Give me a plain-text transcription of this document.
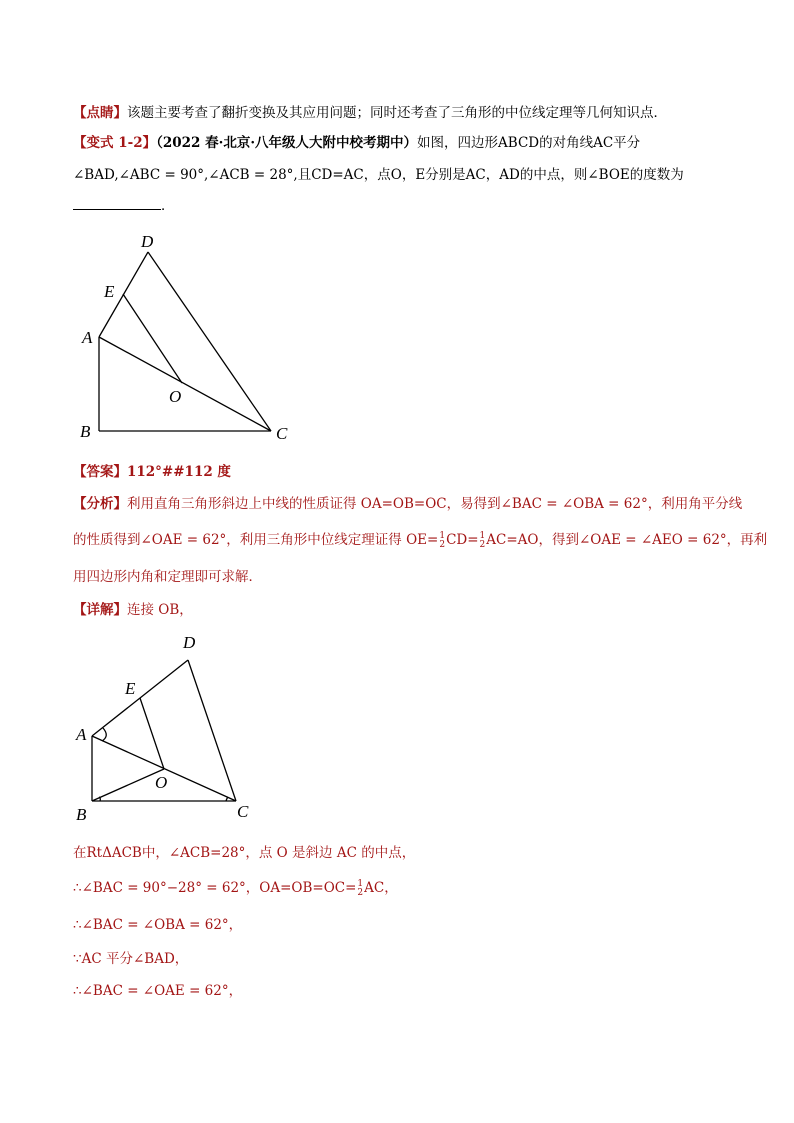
【点睛】该题主要考查了翻折变换及其应用问题；同时还考查了三角形的中位线定理等几何知识点．
【变式 1-2】（2022 春·北京·八年级人大附中校考期中）如图，四边形ABCD的对角线AC平分
∠BAD,∠ABC = 90°,∠ACB = 28°,且CD=AC，点O，E分别是AC，AD的中点，则∠BOE的度数为
．
D
E
A
O
B	C
【答案】112°##112 度
【分析】利用直角三角形斜边上中线的性质证得 OA=OB=OC，易得到∠BAC = ∠OBA = 62°，利用角平分线
的性质得到∠OAE = 62°，利用三角形中位线定理证得 OE= 1
2 CD= 1
2 AC=AO，得到∠OAE = ∠AEO = 62°，再利
用四边形内角和定理即可求解．
【详解】连接 OB，
D
E
A
O
B	C
在RtΔACB中，∠ACB=28°，点 O 是斜边 AC 的中点，
∴∠BAC = 90°−28° = 62°，OA=OB=OC= 1
2 AC，
∴∠BAC = ∠OBA = 62°，
∵AC 平分∠BAD，
∴∠BAC = ∠OAE = 62°，
